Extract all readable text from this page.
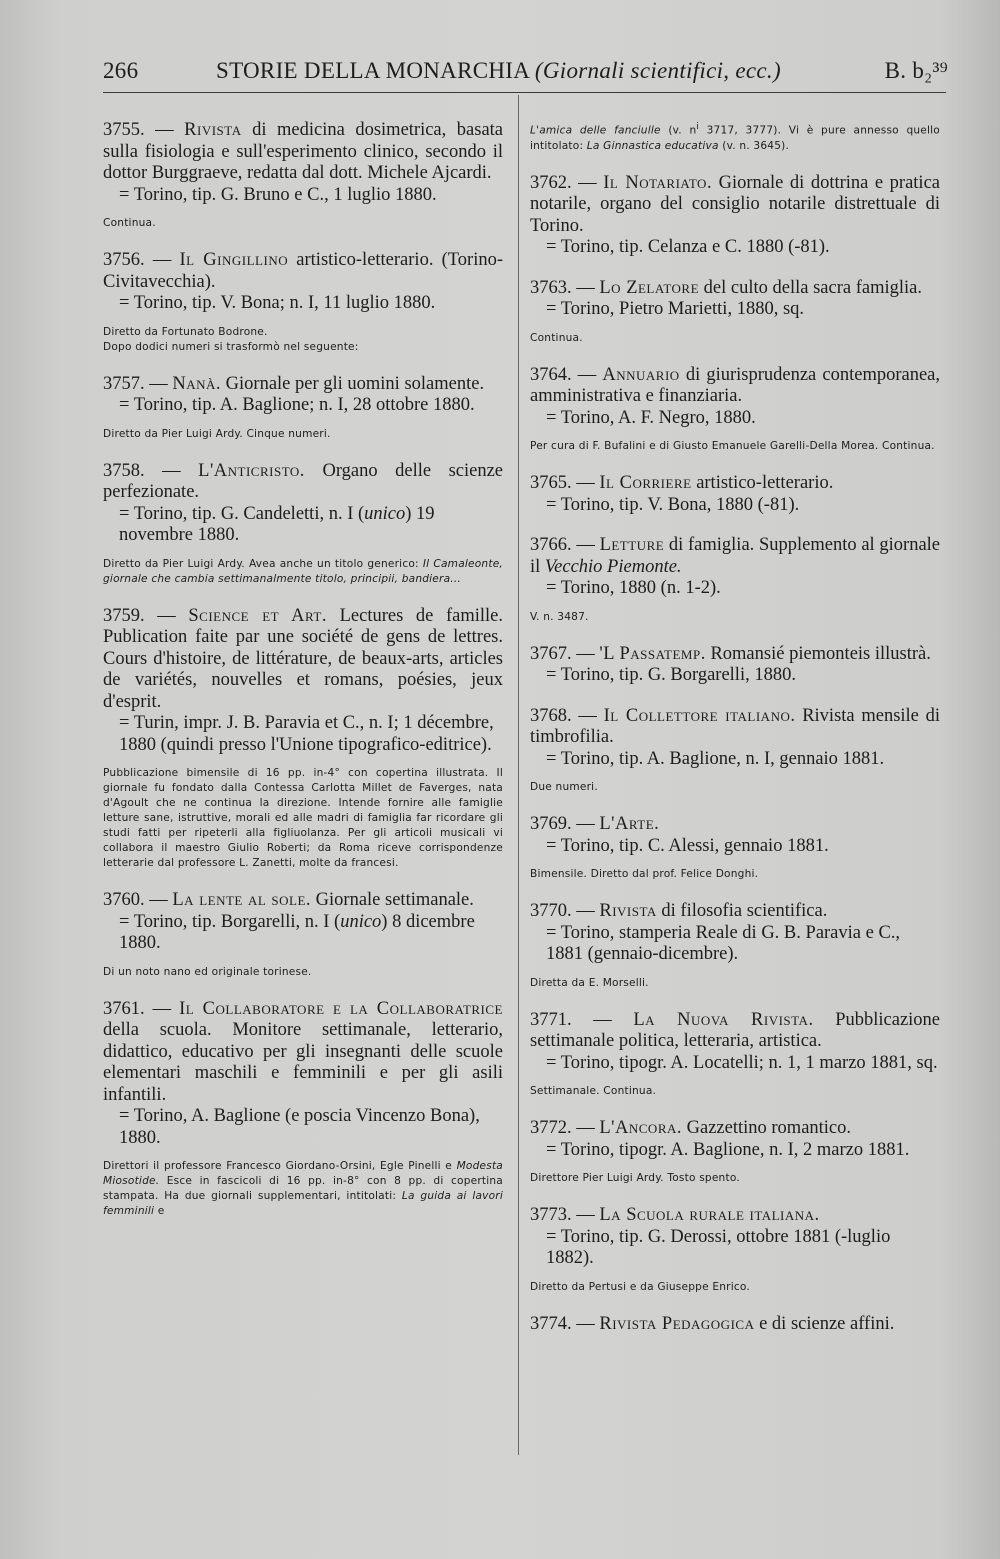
266	STORIE DELLA MONARCHIA (Giornali scientifici, ecc.)	B. b₂³⁹

3755. — Rivista di medicina dosimetrica, basata sulla fisiologia e sull'esperimento clinico, secondo il dottor Burggraeve, redatta dal dott. Michele Ajcardi.
= Torino, tip. G. Bruno e C., 1 luglio 1880.

Continua.

3756. — Il Gingillino artistico-letterario. (Torino-Civitavecchia).
= Torino, tip. V. Bona; n. I, 11 luglio 1880.

Diretto da Fortunato Bodrone.

Dopo dodici numeri si trasformò nel seguente:

3757. — Nanà. Giornale per gli uomini solamente.
= Torino, tip. A. Baglione; n. I, 28 ottobre 1880.

Diretto da Pier Luigi Ardy. Cinque numeri.

3758. — L'Anticristo. Organo delle scienze perfezionate.
= Torino, tip. G. Candeletti, n. I (unico) 19 novembre 1880.

Diretto da Pier Luigi Ardy. Avea anche un titolo generico: Il Camaleonte, giornale che cambia settimanalmente titolo, principii, bandiera...

3759. — Science et Art. Lectures de famille. Publication faite par une société de gens de lettres. Cours d'histoire, de littérature, de beaux-arts, articles de variétés, nouvelles et romans, poésies, jeux d'esprit.
= Turin, impr. J. B. Paravia et C., n. I; 1 décembre, 1880 (quindi presso l'Unione tipografico-editrice).

Pubblicazione bimensile di 16 pp. in-4° con copertina illustrata. Il giornale fu fondato dalla Contessa Carlotta Millet de Faverges, nata d'Agoult che ne continua la direzione. Intende fornire alle famiglie letture sane, istruttive, morali ed alle madri di famiglia far ricordare gli studi fatti per ripeterli alla figliuolanza. Per gli articoli musicali vi collabora il maestro Giulio Roberti; da Roma riceve corrispondenze letterarie dal professore L. Zanetti, molte da francesi.

3760. — La lente al sole. Giornale settimanale.
= Torino, tip. Borgarelli, n. I (unico) 8 dicembre 1880.

Di un noto nano ed originale torinese.

3761. — Il Collaboratore e la Collaboratrice della scuola. Monitore settimanale, letterario, didattico, educativo per gli insegnanti delle scuole elementari maschili e femminili e per gli asili infantili.
= Torino, A. Baglione (e poscia Vincenzo Bona), 1880.

Direttori il professore Francesco Giordano-Orsini, Egle Pinelli e Modesta Miosotide. Esce in fascicoli di 16 pp. in-8° con 8 pp. di copertina stampata. Ha due giornali supplementari, intitolati: La guida ai lavori femminili e

L'amica delle fanciulle (v. $n^i$ 3717, 3777). Vi è pure annesso quello intitolato: La Ginnastica educativa (v. n. 3645).

3762. — Il Notariato. Giornale di dottrina e pratica notarile, organo del consiglio notarile distrettuale di Torino.
= Torino, tip. Celanza e C. 1880 (-81).

3763. — Lo Zelatore del culto della sacra famiglia.
= Torino, Pietro Marietti, 1880, sq.

Continua.

3764. — Annuario di giurisprudenza contemporanea, amministrativa e finanziaria.
= Torino, A. F. Negro, 1880.

Per cura di F. Bufalini e di Giusto Emanuele Garelli-Della Morea. Continua.

3765. — Il Corriere artistico-letterario.
= Torino, tip. V. Bona, 1880 (-81).

3766. — Letture di famiglia. Supplemento al giornale il Vecchio Piemonte.
= Torino, 1880 (n. 1-2).

V. n. 3487.

3767. — 'L Passatemp. Romansié piemonteis illustrà.
= Torino, tip. G. Borgarelli, 1880.

3768. — Il Collettore italiano. Rivista mensile di timbrofilia.
= Torino, tip. A. Baglione, n. I, gennaio 1881.

Due numeri.

3769. — L'Arte.
= Torino, tip. C. Alessi, gennaio 1881.

Bimensile. Diretto dal prof. Felice Donghi.

3770. — Rivista di filosofia scientifica.
= Torino, stamperia Reale di G. B. Paravia e C., 1881 (gennaio-dicembre).

Diretta da E. Morselli.

3771. — La Nuova Rivista. Pubblicazione settimanale politica, letteraria, artistica.
= Torino, tipogr. A. Locatelli; n. 1, 1 marzo 1881, sq.

Settimanale. Continua.

3772. — L'Ancora. Gazzettino romantico.
= Torino, tipogr. A. Baglione, n. I, 2 marzo 1881.

Direttore Pier Luigi Ardy. Tosto spento.

3773. — La Scuola rurale italiana.
= Torino, tip. G. Derossi, ottobre 1881 (-luglio 1882).

Diretto da Pertusi e da Giuseppe Enrico.

3774. — Rivista Pedagogica e di scienze affini.
